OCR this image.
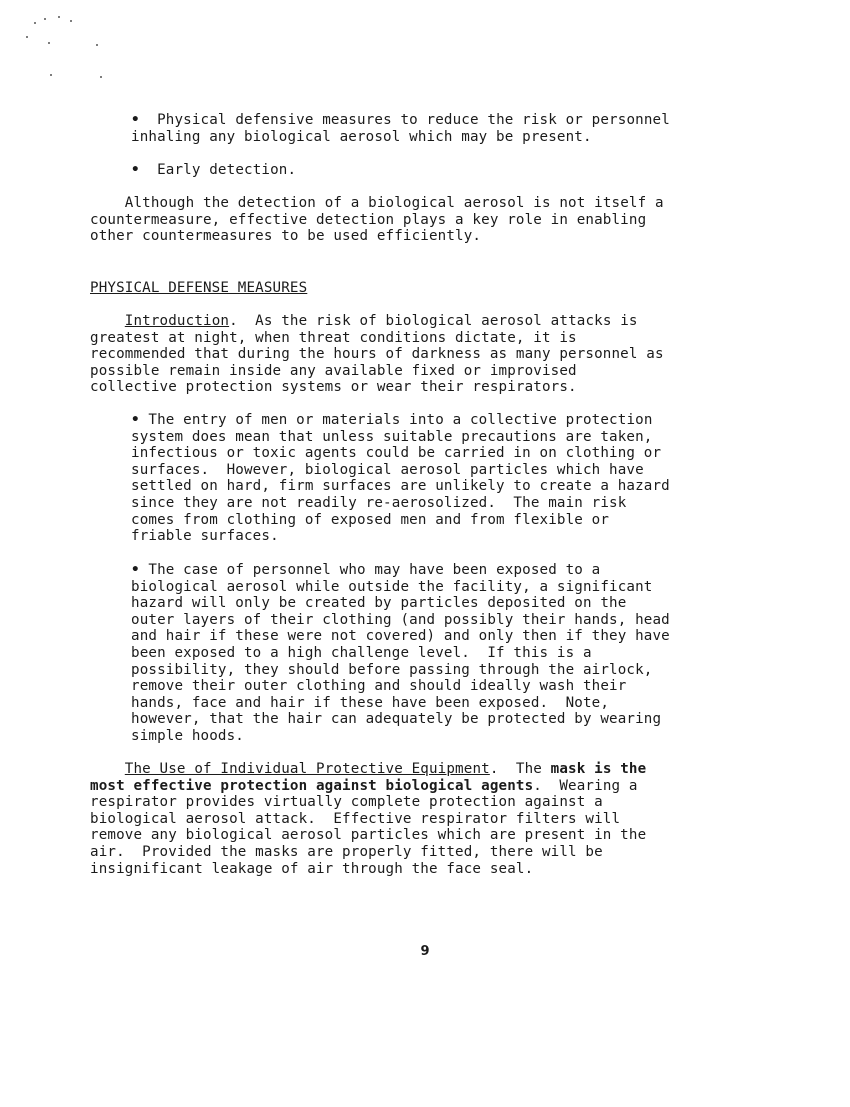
• Physical defensive measures to reduce the risk or personnel
inhaling any biological aerosol which may be present.
• Early detection.
Although the detection of a biological aerosol is not itself a
countermeasure, effective detection plays a key role in enabling
other countermeasures to be used efficiently.
PHYSICAL DEFENSE MEASURES
Introduction.  As the risk of biological aerosol attacks is
greatest at night, when threat conditions dictate, it is
recommended that during the hours of darkness as many personnel as
possible remain inside any available fixed or improvised
collective protection systems or wear their respirators.
• The entry of men or materials into a collective protection
system does mean that unless suitable precautions are taken,
infectious or toxic agents could be carried in on clothing or
surfaces.  However, biological aerosol particles which have
settled on hard, firm surfaces are unlikely to create a hazard
since they are not readily re-aerosolized.  The main risk
comes from clothing of exposed men and from flexible or
friable surfaces.
• The case of personnel who may have been exposed to a
biological aerosol while outside the facility, a significant
hazard will only be created by particles deposited on the
outer layers of their clothing (and possibly their hands, head
and hair if these were not covered) and only then if they have
been exposed to a high challenge level.  If this is a
possibility, they should before passing through the airlock,
remove their outer clothing and should ideally wash their
hands, face and hair if these have been exposed.  Note,
however, that the hair can adequately be protected by wearing
simple hoods.
The Use of Individual Protective Equipment.  The mask is the
most effective protection against biological agents.  Wearing a
respirator provides virtually complete protection against a
biological aerosol attack.  Effective respirator filters will
remove any biological aerosol particles which are present in the
air.  Provided the masks are properly fitted, there will be
insignificant leakage of air through the face seal.
9
